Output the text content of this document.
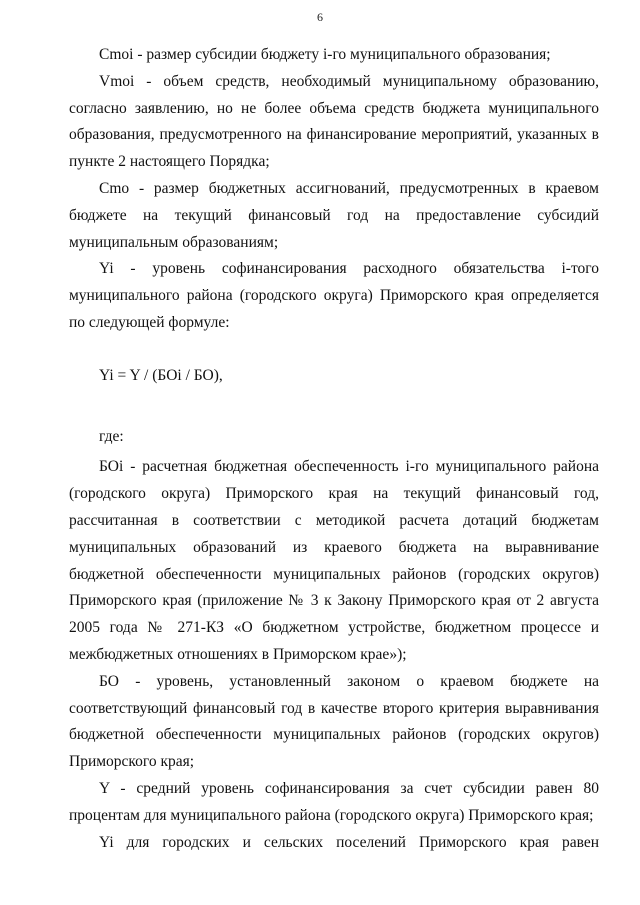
6

Cmoi - размер субсидии бюджету i-го муниципального образования;

Vmoi - объем средств, необходимый муниципальному образованию, согласно заявлению, но не более объема средств бюджета муниципального образования, предусмотренного на финансирование мероприятий, указанных в пункте 2 настоящего Порядка;

Cmo - размер бюджетных ассигнований, предусмотренных в краевом бюджете на текущий финансовый год на предоставление субсидий муниципальным образованиям;

Yi - уровень софинансирования расходного обязательства i-того муниципального района (городского округа) Приморского края определяется по следующей формуле:

Yi = Y / (БОi / БО),

где:

БОi - расчетная бюджетная обеспеченность i-го муниципального района (городского округа) Приморского края на текущий финансовый год, рассчитанная в соответствии с методикой расчета дотаций бюджетам муниципальных образований из краевого бюджета на выравнивание бюджетной обеспеченности муниципальных районов (городских округов) Приморского края (приложение № 3 к Закону Приморского края от 2 августа 2005 года № 271-КЗ «О бюджетном устройстве, бюджетном процессе и межбюджетных отношениях в Приморском крае»);

БО - уровень, установленный законом о краевом бюджете на соответствующий финансовый год в качестве второго критерия выравнивания бюджетной обеспеченности муниципальных районов (городских округов) Приморского края;

Y - средний уровень софинансирования за счет субсидии равен 80 процентам для муниципального района (городского округа) Приморского края;

Yi для городских и сельских поселений Приморского края равен
